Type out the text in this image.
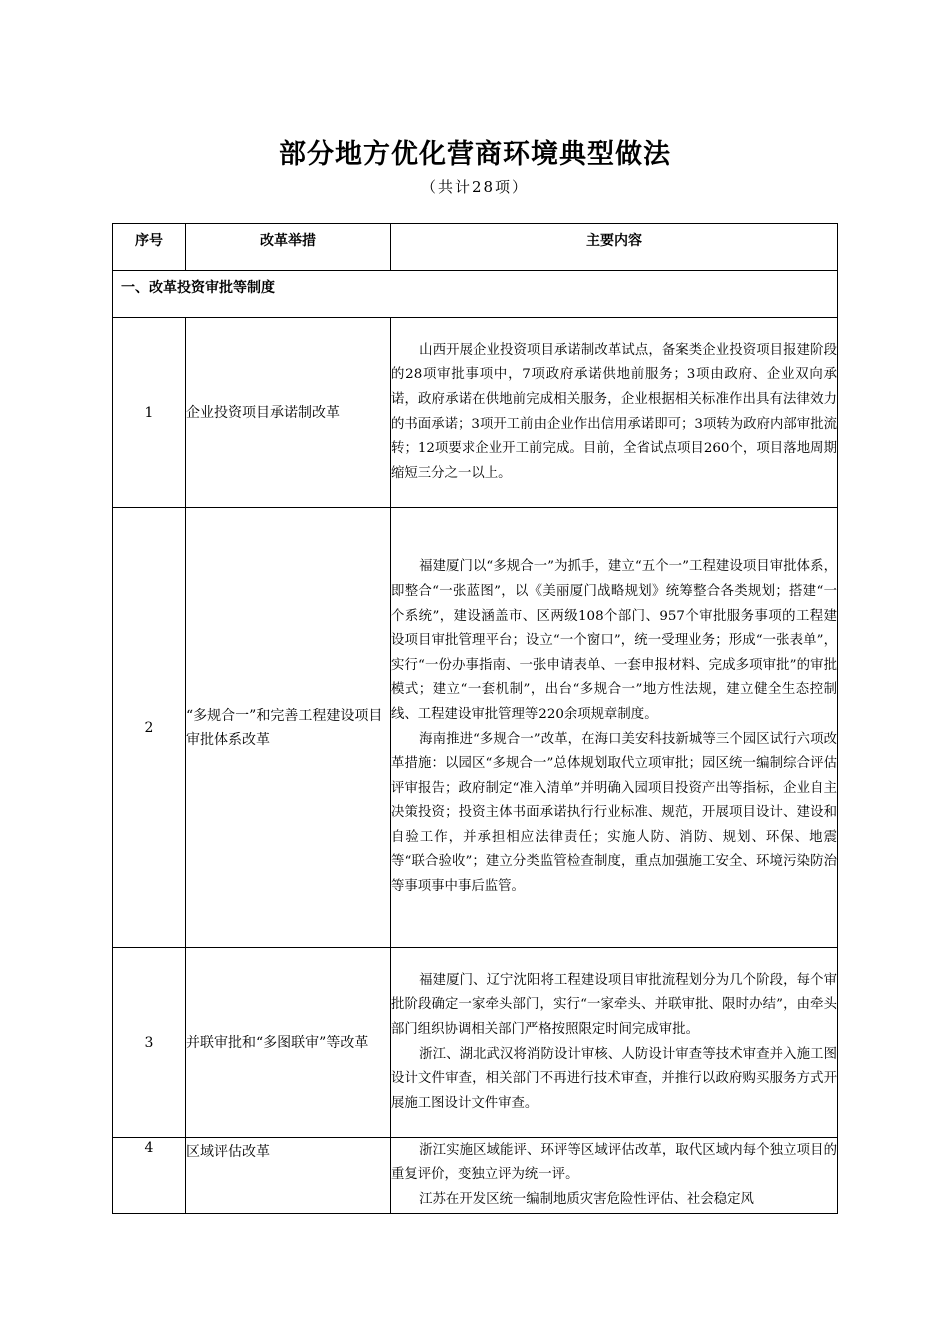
部分地方优化营商环境典型做法
（共计28项）
序号	改革举措	主要内容
一、改革投资审批等制度		
1	企业投资项目承诺制改革	山西开展企业投资项目承诺制改革试点，备案类企业投资项目报建阶段的28项审批事项中，7项政府承诺供地前服务；3项由政府、企业双向承诺，政府承诺在供地前完成相关服务，企业根据相关标准作出具有法律效力的书面承诺；3项开工前由企业作出信用承诺即可；3项转为政府内部审批流转；12项要求企业开工前完成。目前，全省试点项目260个，项目落地周期缩短三分之一以上。

2	“多规合一”和完善工程建设项目审批体系改革	福建厦门以“多规合一”为抓手，建立“五个一”工程建设项目审批体系，即整合“一张蓝图”，以《美丽厦门战略规划》统筹整合各类规划；搭建“一个系统”，建设涵盖市、区两级108个部门、957个审批服务事项的工程建设项目审批管理平台；设立“一个窗口”，统一受理业务；形成“一张表单”，实行“一份办事指南、一张申请表单、一套申报材料、完成多项审批”的审批模式；建立“一套机制”，出台“多规合一”地方性法规，建立健全生态控制线、工程建设审批管理等220余项规章制度。

海南推进“多规合一”改革，在海口美安科技新城等三个园区试行六项改革措施：以园区“多规合一”总体规划取代立项审批；园区统一编制综合评估评审报告；政府制定“准入清单”并明确入园项目投资产出等指标，企业自主决策投资；投资主体书面承诺执行行业标准、规范，开展项目设计、建设和自验工作，并承担相应法律责任；实施人防、消防、规划、环保、地震等“联合验收”；建立分类监管检查制度，重点加强施工安全、环境污染防治等事项事中事后监管。

3	并联审批和“多图联审”等改革	福建厦门、辽宁沈阳将工程建设项目审批流程划分为几个阶段，每个审批阶段确定一家牵头部门，实行“一家牵头、并联审批、限时办结”，由牵头部门组织协调相关部门严格按照限定时间完成审批。

浙江、湖北武汉将消防设计审核、人防设计审查等技术审查并入施工图设计文件审查，相关部门不再进行技术审查，并推行以政府购买服务方式开展施工图设计文件审查。

4	区域评估改革	浙江实施区域能评、环评等区域评估改革，取代区域内每个独立项目的重复评价，变独立评为统一评。

江苏在开发区统一编制地质灾害危险性评估、社会稳定风
